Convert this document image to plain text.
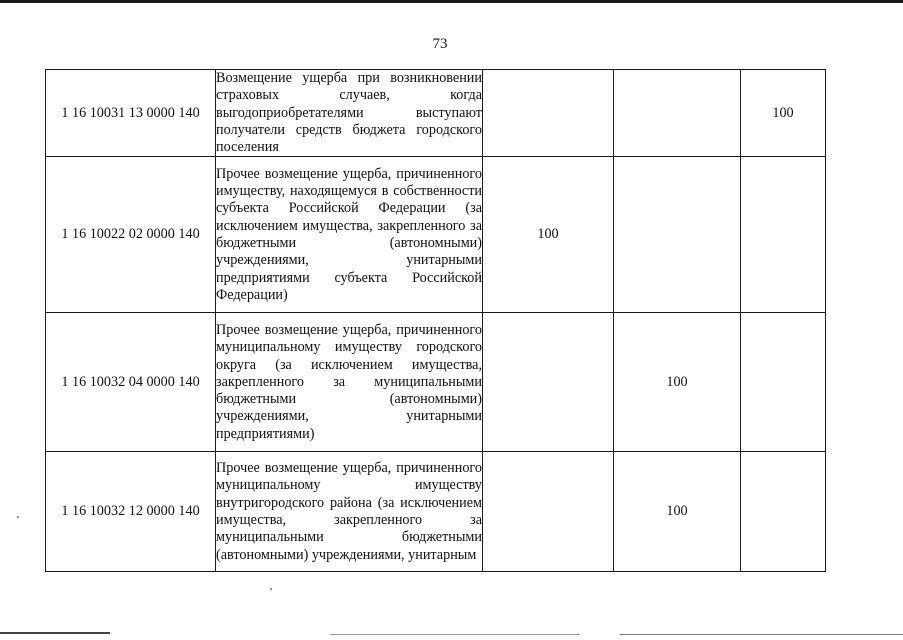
73
1 16 10031 13 0000 140	Возмещение ущерба при возникновении страховых случаев, когда выгодоприобретателями выступают получатели средств бюджета городского поселения			100
1 16 10022 02 0000 140	Прочее возмещение ущерба, причиненного имуществу, находящемуся в собственности субъекта Российской Федерации (за исключением имущества, закрепленного за бюджетными (автономными) учреждениями, унитарными предприятиями субъекта Российской Федерации)	100		
1 16 10032 04 0000 140	Прочее возмещение ущерба, причиненного муниципальному имуществу городского округа (за исключением имущества, закрепленного за муниципальными бюджетными (автономными) учреждениями, унитарными предприятиями)		100	
1 16 10032 12 0000 140	Прочее возмещение ущерба, причиненного муниципальному имуществу внутригородского района (за исключением имущества, закрепленного за муниципальными бюджетными (автономными) учреждениями, унитарным		100	
